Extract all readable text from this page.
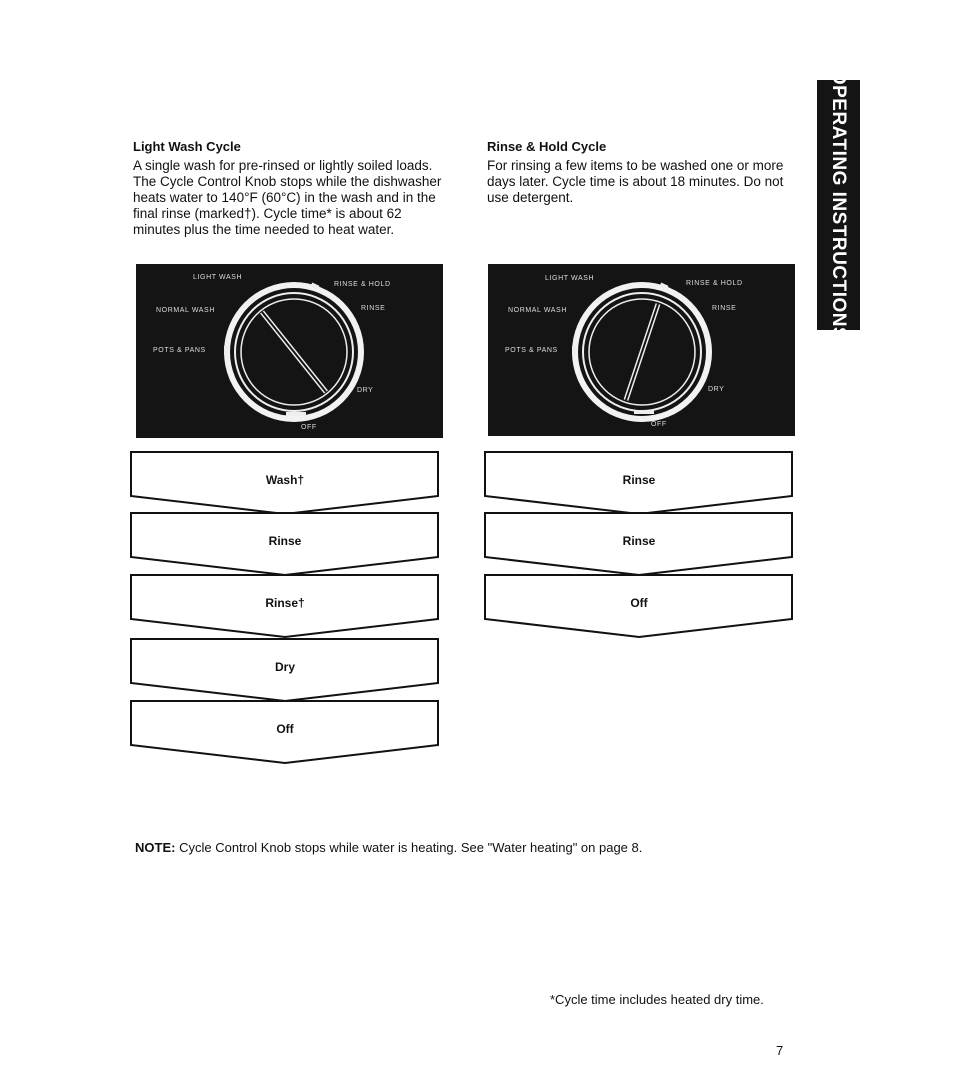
OPERATING INSTRUCTIONS
Light Wash Cycle
A single wash for pre-rinsed or lightly soiled loads.
The Cycle Control Knob stops while the dishwasher
heats water to 140°F (60°C) in the wash and in the
final rinse (marked†). Cycle time* is about 62
minutes plus the time needed to heat water.
Rinse & Hold Cycle
For rinsing a few items to be washed one or more
days later. Cycle time is about 18 minutes. Do not
use detergent.
LIGHT WASH
RINSE & HOLD
NORMAL WASH	RINSE
POTS & PANS
DRY
OFF
LIGHT WASH
RINSE & HOLD
NORMAL WASH	RINSE
POTS & PANS
DRY
OFF
Wash†
Rinse
Rinse†
Dry
Off
Rinse
Rinse
Off
NOTE: Cycle Control Knob stops while water is heating. See "Water heating" on page 8.
*Cycle time includes heated dry time.
7
